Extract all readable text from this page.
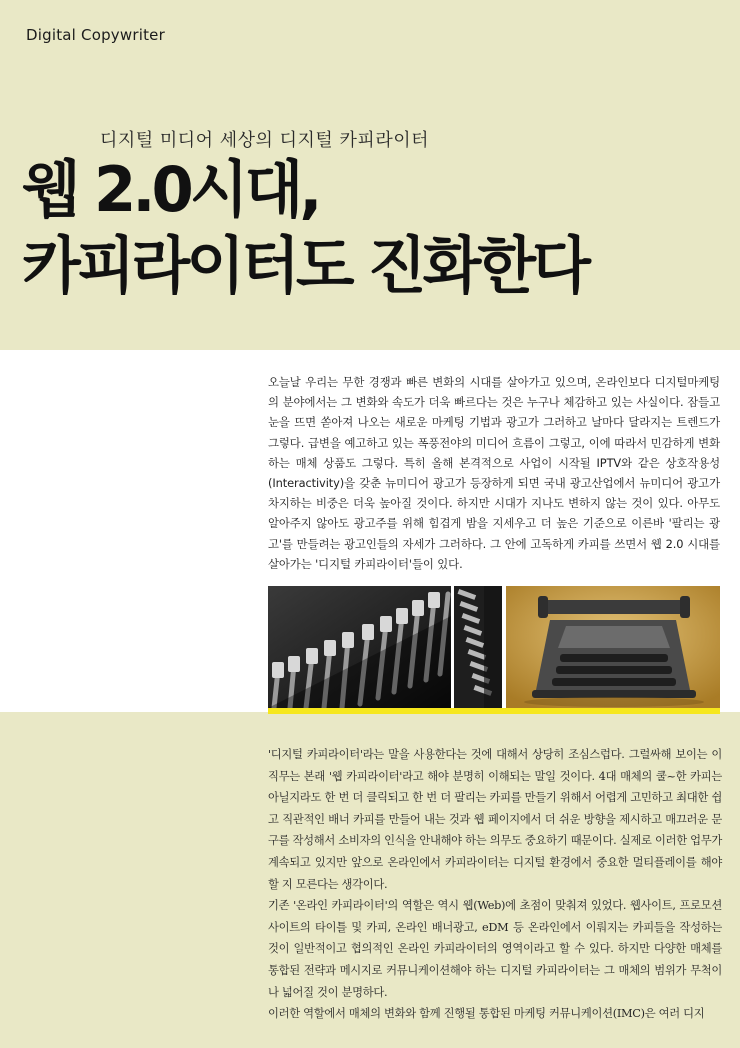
Digital Copywriter
디지털 미디어 세상의 디지털 카피라이터
웹 2.0시대,
카피라이터도 진화한다

오늘날 우리는 무한 경쟁과 빠른 변화의 시대를 살아가고 있으며, 온라인보다 디지털마케팅의 분야에서는 그 변화와 속도가 더욱 빠르다는 것은 누구나 체감하고 있는 사실이다. 잠들고 눈을 뜨면 쏟아져 나오는 새로운 마케팅 기법과 광고가 그러하고 날마다 달라지는 트렌드가 그렇다. 급변을 예고하고 있는 폭풍전야의 미디어 흐름이 그렇고, 이에 따라서 민감하게 변화하는 매체 상품도 그렇다. 특히 올해 본격적으로 사업이 시작될 IPTV와 같은 상호작용성(Interactivity)을 갖춘 뉴미디어 광고가 등장하게 되면 국내 광고산업에서 뉴미디어 광고가 차지하는 비중은 더욱 높아질 것이다. 하지만 시대가 지나도 변하지 않는 것이 있다. 아무도 알아주지 않아도 광고주를 위해 힘겹게 밤을 지세우고 더 높은 기준으로 이른바 '팔리는 광고'를 만들려는 광고인들의 자세가 그러하다. 그 안에 고독하게 카피를 쓰면서 웹 2.0 시대를 살아가는 '디지털 카피라이터'들이 있다.

'디지털 카피라이터'라는 말을 사용한다는 것에 대해서 상당히 조심스럽다. 그럴싸해 보이는 이 직무는 본래 '웹 카피라이터'라고 해야 분명히 이해되는 말일 것이다. 4대 매체의 쿨~한 카피는 아닐지라도 한 번 더 클릭되고 한 번 더 팔리는 카피를 만들기 위해서 어렵게 고민하고 최대한 쉽고 직관적인 배너 카피를 만들어 내는 것과 웹 페이지에서 더 쉬운 방향을 제시하고 매끄러운 문구를 작성해서 소비자의 인식을 안내해야 하는 의무도 중요하기 때문이다. 실제로 이러한 업무가 계속되고 있지만 앞으로 온라인에서 카피라이터는 디지털 환경에서 중요한 멀티플레이를 해야 할 지 모른다는 생각이다.

기존 '온라인 카피라이터'의 역할은 역시 웹(Web)에 초점이 맞춰져 있었다. 웹사이트, 프로모션 사이트의 타이틀 및 카피, 온라인 배너광고, eDM 등 온라인에서 이뤄지는 카피들을 작성하는 것이 일반적이고 협의적인 온라인 카피라이터의 영역이라고 할 수 있다. 하지만 다양한 매체를 통합된 전략과 메시지로 커뮤니케이션해야 하는 디지털 카피라이터는 그 매체의 범위가 무척이나 넓어질 것이 분명하다.

이러한 역할에서 매체의 변화와 함께 진행될 통합된 마케팅 커뮤니케이션(IMC)은 여러 디지
